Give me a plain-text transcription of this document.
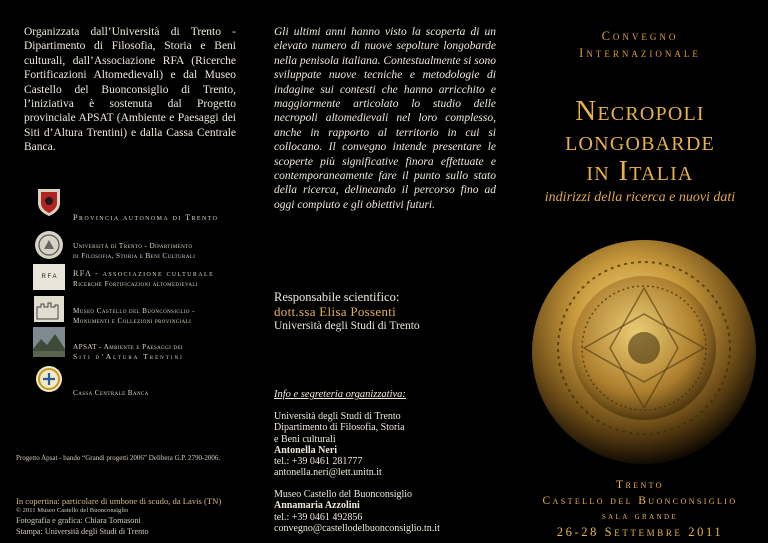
Organizzata dall’Università di Trento - Dipartimento di Filosofia, Storia e Beni culturali, dall’Associazione RFA (Ricerche Fortificazioni Altomedievali) e dal Museo Castello del Buonconsiglio di Trento, l’iniziativa è sostenuta dal Progetto provinciale APSAT (Ambiente e Paesaggi dei Siti d’Altura Trentini) e dalla Cassa Centrale Banca.
Provincia autonoma di Trento
Università di Trento - Dipartimento
di Filosofia, Storia e Beni Culturali
R F A RFA - associazione culturale
Ricerche Fortificazioni altomedievali
Museo Castello del Buonconsiglio -
Monumenti e Collezioni provinciali
APSAT - Ambiente e Paesaggi dei
Siti d’Altura Trentini
Cassa Centrale Banca
Progetto Apsat - bando “Grandi progetti 2006” Delibera G.P. 2790-2006.
In copertina: particolare di umbone di scudo, da Lavis (TN)
© 2011 Museo Castello del Buonconsiglio
Fotografia e grafica: Chiara Tomasoni
Stampa: Università degli Studi di Trento
Gli ultimi anni hanno visto la scoperta di un elevato numero di nuove sepolture longobarde nella penisola italiana. Contestualmente si sono sviluppate nuove tecniche e metodologie di indagine sui contesti che hanno arricchito e maggiormente articolato lo studio delle necropoli altomedievali nel loro complesso, anche in rapporto al territorio in cui si collocano. Il convegno intende presentare le scoperte più significative finora effettuate e contemporaneamente fare il punto sullo stato della ricerca, delineando il percorso fino ad oggi compiuto e gli obiettivi futuri.
Responsabile scientifico:
dott.ssa Elisa Possenti
Università degli Studi di Trento
Info e segreteria organizzativa:
Università degli Studi di Trento
Dipartimento di Filosofia, Storia
e Beni culturali
Antonella Neri
tel.: +39 0461 281777
antonella.neri@lett.unitn.it
Museo Castello del Buonconsiglio
Annamaria Azzolini
tel.: +39 0461 492856
convegno@castellodelbuonconsiglio.tn.it
Convegno
Internazionale
Necropoli
longobarde
in Italia
indirizzi della ricerca e nuovi dati
Trento
Castello del Buonconsiglio
sala grande
26-28 Settembre 2011
